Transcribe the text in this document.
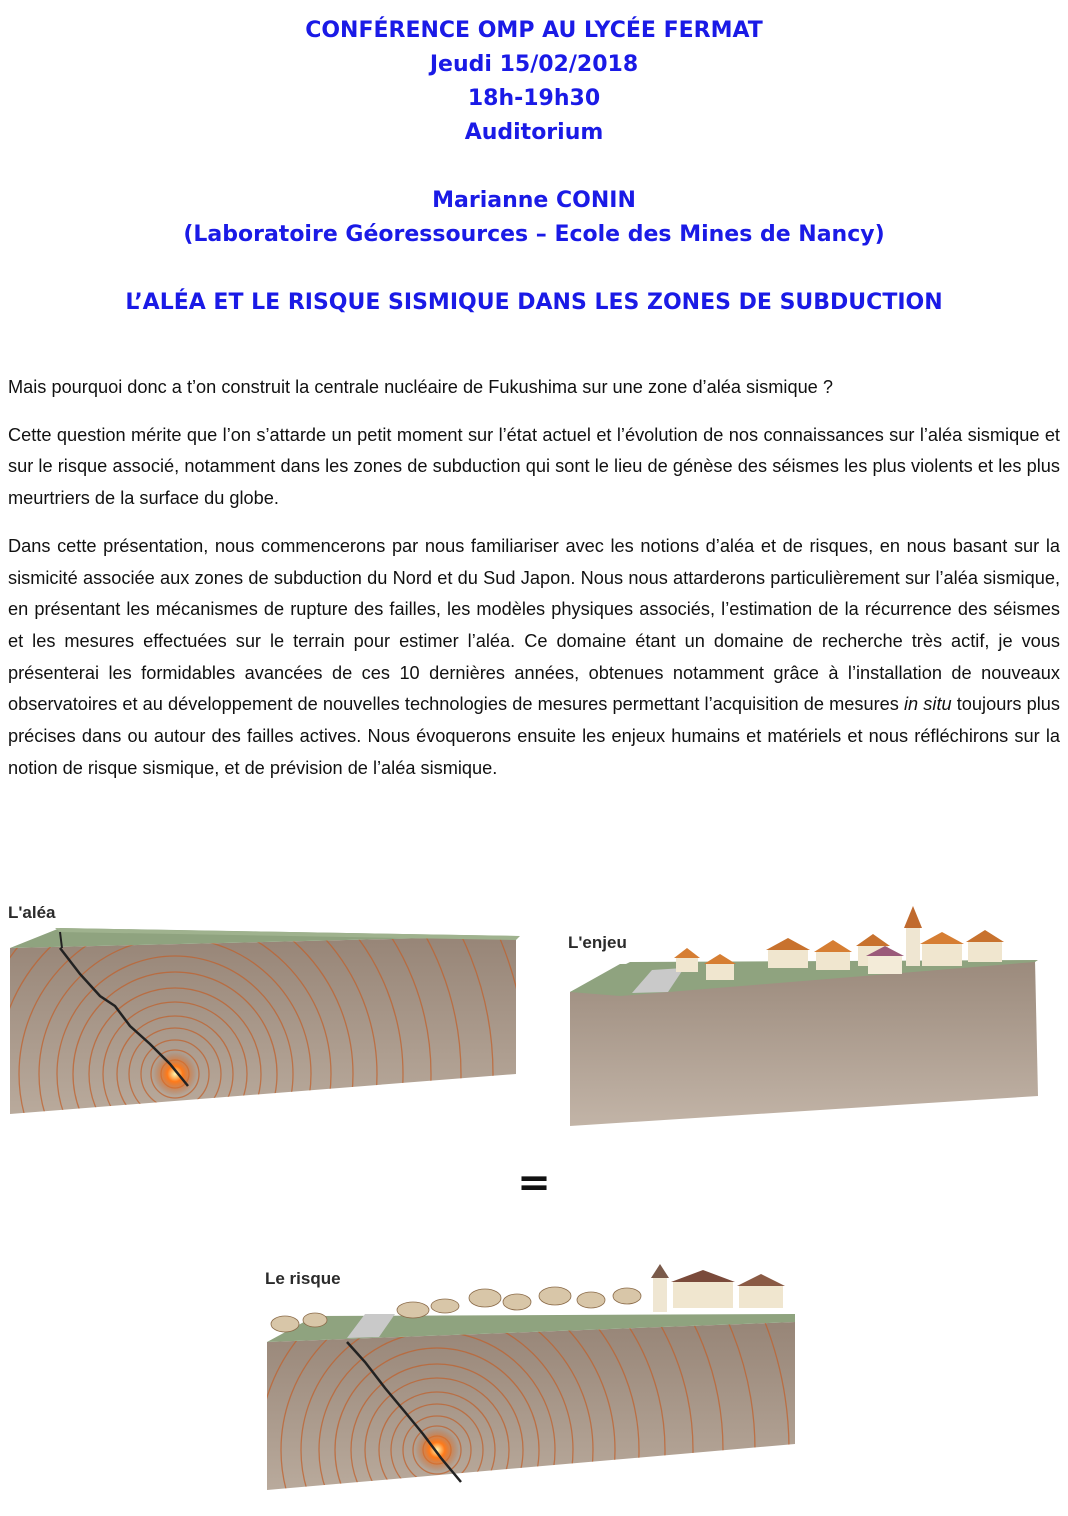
CONFÉRENCE OMP AU LYCÉE FERMAT
Jeudi 15/02/2018
18h-19h30
Auditorium
Marianne CONIN
(Laboratoire Géoressources – Ecole des Mines de Nancy)
L’ALÉA ET LE RISQUE SISMIQUE DANS LES ZONES DE SUBDUCTION

Mais pourquoi donc a t’on construit la centrale nucléaire de Fukushima sur une zone d’aléa sismique ?

Cette question mérite que l’on s’attarde un petit moment sur l’état actuel et l’évolution de nos connaissances sur l’aléa sismique et sur le risque associé, notamment dans les zones de subduction qui sont le lieu de génèse des séismes les plus violents et les plus meurtriers de la surface du globe.

Dans cette présentation, nous commencerons par nous familiariser avec les notions d’aléa et de risques, en nous basant sur la sismicité associée aux zones de subduction du Nord et du Sud Japon. Nous nous attarderons particulièrement sur l’aléa sismique, en présentant les mécanismes de rupture des failles, les modèles physiques associés, l’estimation de la récurrence des séismes et les mesures effectuées sur le terrain pour estimer l’aléa. Ce domaine étant un domaine de recherche très actif, je vous présenterai les formidables avancées de ces 10 dernières années, obtenues notamment grâce à l’installation de nouveaux observatoires et au développement de nouvelles technologies de mesures permettant l’acquisition de mesures in situ toujours plus précises dans ou autour des failles actives. Nous évoquerons ensuite les enjeux humains et matériels et nous réfléchirons sur la notion de risque sismique, et de prévision de l’aléa sismique.

L'aléa
L'enjeu
=
Le risque
